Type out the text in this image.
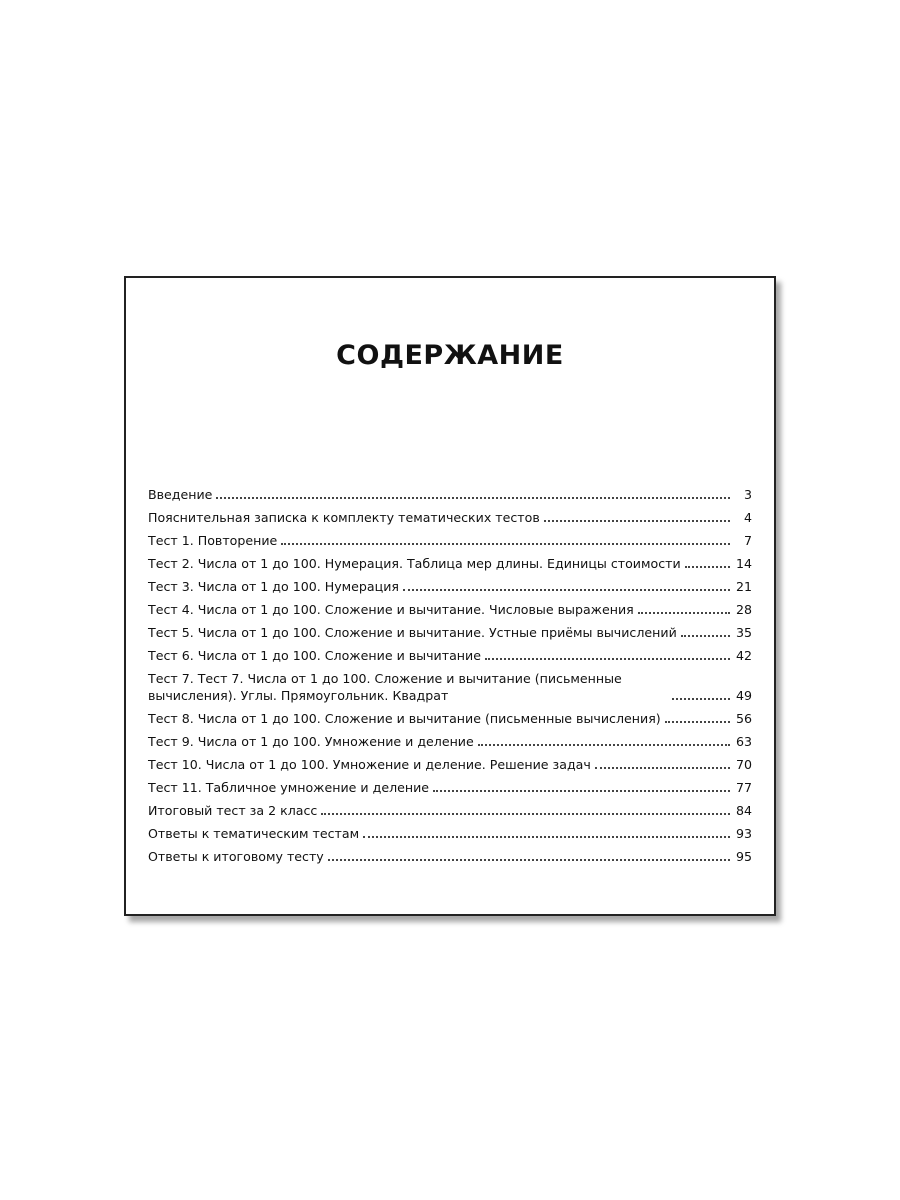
СОДЕРЖАНИЕ
Введение	3
Пояснительная записка к комплекту тематических тестов	4
Тест 1. Повторение	7
Тест 2. Числа от 1 до 100. Нумерация. Таблица мер длины. Единицы стоимости	14
Тест 3. Числа от 1 до 100. Нумерация	21
Тест 4. Числа от 1 до 100. Сложение и вычитание. Числовые выражения	28
Тест 5. Числа от 1 до 100. Сложение и вычитание. Устные приёмы вычислений	35
Тест 6. Числа от 1 до 100. Сложение и вычитание	42
Тест 7. Тест 7. Числа от 1 до 100. Сложение и вычитание (письменные вычисления). Углы. Прямоугольник. Квадрат	49
Тест 8. Числа от 1 до 100. Сложение и вычитание (письменные вычисления)	56
Тест 9. Числа от 1 до 100. Умножение и деление	63
Тест 10. Числа от 1 до 100. Умножение и деление. Решение задач	70
Тест 11. Табличное умножение и деление	77
Итоговый тест за 2 класс	84
Ответы к тематическим тестам	93
Ответы к итоговому тесту	95
